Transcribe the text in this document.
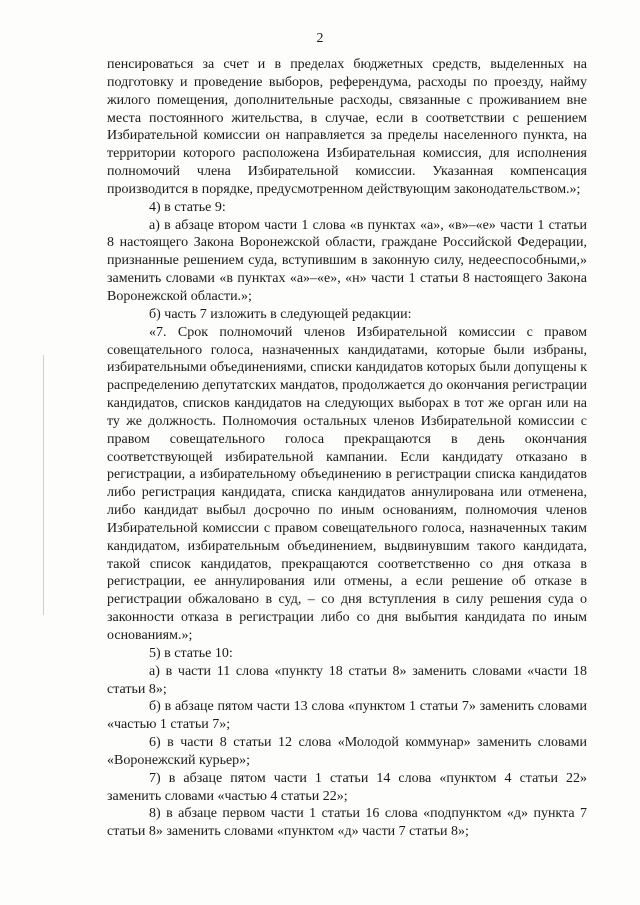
2

пенсироваться за счет и в пределах бюджетных средств, выделенных на подготовку и проведение выборов, референдума, расходы по проезду, найму жилого помещения, дополнительные расходы, связанные с проживанием вне места постоянного жительства, в случае, если в соответствии с решением Избирательной комиссии он направляется за пределы населенного пункта, на территории которого расположена Избирательная комиссия, для исполнения полномочий члена Избирательной комиссии. Указанная компенсация производится в порядке, предусмотренном действующим законодательством.»;

4) в статье 9:

а) в абзаце втором части 1 слова «в пунктах «а», «в»–«е» части 1 статьи 8 настоящего Закона Воронежской области, граждане Российской Федерации, признанные решением суда, вступившим в законную силу, недееспособными,» заменить словами «в пунктах «а»–«е», «н» части 1 статьи 8 настоящего Закона Воронежской области.»;

б) часть 7 изложить в следующей редакции:

«7. Срок полномочий членов Избирательной комиссии с правом совещательного голоса, назначенных кандидатами, которые были избраны, избирательными объединениями, списки кандидатов которых были допущены к распределению депутатских мандатов, продолжается до окончания регистрации кандидатов, списков кандидатов на следующих выборах в тот же орган или на ту же должность. Полномочия остальных членов Избирательной комиссии с правом совещательного голоса прекращаются в день окончания соответствующей избирательной кампании. Если кандидату отказано в регистрации, а избирательному объединению в регистрации списка кандидатов либо регистрация кандидата, списка кандидатов аннулирована или отменена, либо кандидат выбыл досрочно по иным основаниям, полномочия членов Избирательной комиссии с правом совещательного голоса, назначенных таким кандидатом, избирательным объединением, выдвинувшим такого кандидата, такой список кандидатов, прекращаются соответственно со дня отказа в регистрации, ее аннулирования или отмены, а если решение об отказе в регистрации обжаловано в суд, – со дня вступления в силу решения суда о законности отказа в регистрации либо со дня выбытия кандидата по иным основаниям.»;

5) в статье 10:

а) в части 11 слова «пункту 18 статьи 8» заменить словами «части 18 статьи 8»;

б) в абзаце пятом части 13 слова «пунктом 1 статьи 7» заменить словами «частью 1 статьи 7»;

6) в части 8 статьи 12 слова «Молодой коммунар» заменить словами «Воронежский курьер»;

7) в абзаце пятом части 1 статьи 14 слова «пунктом 4 статьи 22» заменить словами «частью 4 статьи 22»;

8) в абзаце первом части 1 статьи 16 слова «подпунктом «д» пункта 7 статьи 8» заменить словами «пунктом «д» части 7 статьи 8»;
